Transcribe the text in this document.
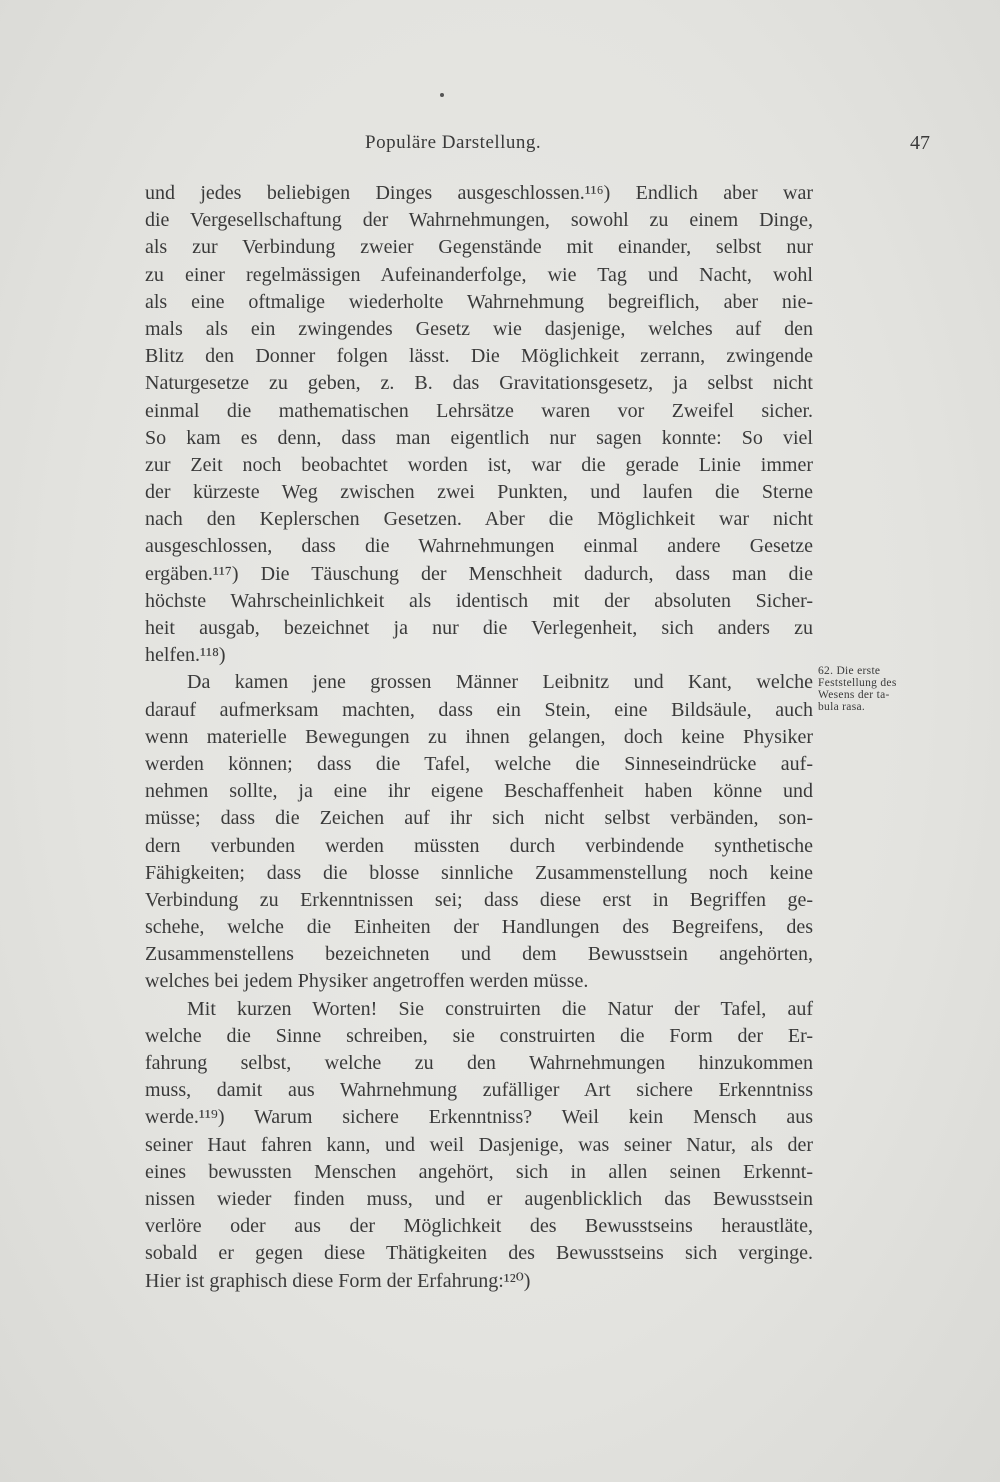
Populäre Darstellung.	47
und jedes beliebigen Dinges ausgeschlossen.¹¹⁶) Endlich aber war
die Vergesellschaftung der Wahrnehmungen, sowohl zu einem Dinge,
als zur Verbindung zweier Gegenstände mit einander, selbst nur
zu einer regelmässigen Aufeinanderfolge, wie Tag und Nacht, wohl
als eine oftmalige wiederholte Wahrnehmung begreiflich, aber nie-
mals als ein zwingendes Gesetz wie dasjenige, welches auf den
Blitz den Donner folgen lässt. Die Möglichkeit zerrann, zwingende
Naturgesetze zu geben, z. B. das Gravitationsgesetz, ja selbst nicht
einmal die mathematischen Lehrsätze waren vor Zweifel sicher.
So kam es denn, dass man eigentlich nur sagen konnte: So viel
zur Zeit noch beobachtet worden ist, war die gerade Linie immer
der kürzeste Weg zwischen zwei Punkten, und laufen die Sterne
nach den Keplerschen Gesetzen. Aber die Möglichkeit war nicht
ausgeschlossen, dass die Wahrnehmungen einmal andere Gesetze
ergäben.¹¹⁷) Die Täuschung der Menschheit dadurch, dass man die
höchste Wahrscheinlichkeit als identisch mit der absoluten Sicher-
heit ausgab, bezeichnet ja nur die Verlegenheit, sich anders zu
helfen.¹¹⁸)
Da kamen jene grossen Männer Leibnitz und Kant, welche
darauf aufmerksam machten, dass ein Stein, eine Bildsäule, auch
wenn materielle Bewegungen zu ihnen gelangen, doch keine Physiker
werden können; dass die Tafel, welche die Sinneseindrücke auf-
nehmen sollte, ja eine ihr eigene Beschaffenheit haben könne und
müsse; dass die Zeichen auf ihr sich nicht selbst verbänden, son-
dern verbunden werden müssten durch verbindende synthetische
Fähigkeiten; dass die blosse sinnliche Zusammenstellung noch keine
Verbindung zu Erkenntnissen sei; dass diese erst in Begriffen ge-
schehe, welche die Einheiten der Handlungen des Begreifens, des
Zusammenstellens bezeichneten und dem Bewusstsein angehörten,
welches bei jedem Physiker angetroffen werden müsse.
Mit kurzen Worten! Sie construirten die Natur der Tafel, auf
welche die Sinne schreiben, sie construirten die Form der Er-
fahrung selbst, welche zu den Wahrnehmungen hinzukommen
muss, damit aus Wahrnehmung zufälliger Art sichere Erkenntniss
werde.¹¹⁹) Warum sichere Erkenntniss? Weil kein Mensch aus
seiner Haut fahren kann, und weil Dasjenige, was seiner Natur, als der
eines bewussten Menschen angehört, sich in allen seinen Erkennt-
nissen wieder finden muss, und er augenblicklich das Bewusstsein
verlöre oder aus der Möglichkeit des Bewusstseins heraustläte,
sobald er gegen diese Thätigkeiten des Bewusstseins sich verginge.
Hier ist graphisch diese Form der Erfahrung:¹²⁰)
62. Die erste
Feststellung des
Wesens der ta-
bula rasa.
